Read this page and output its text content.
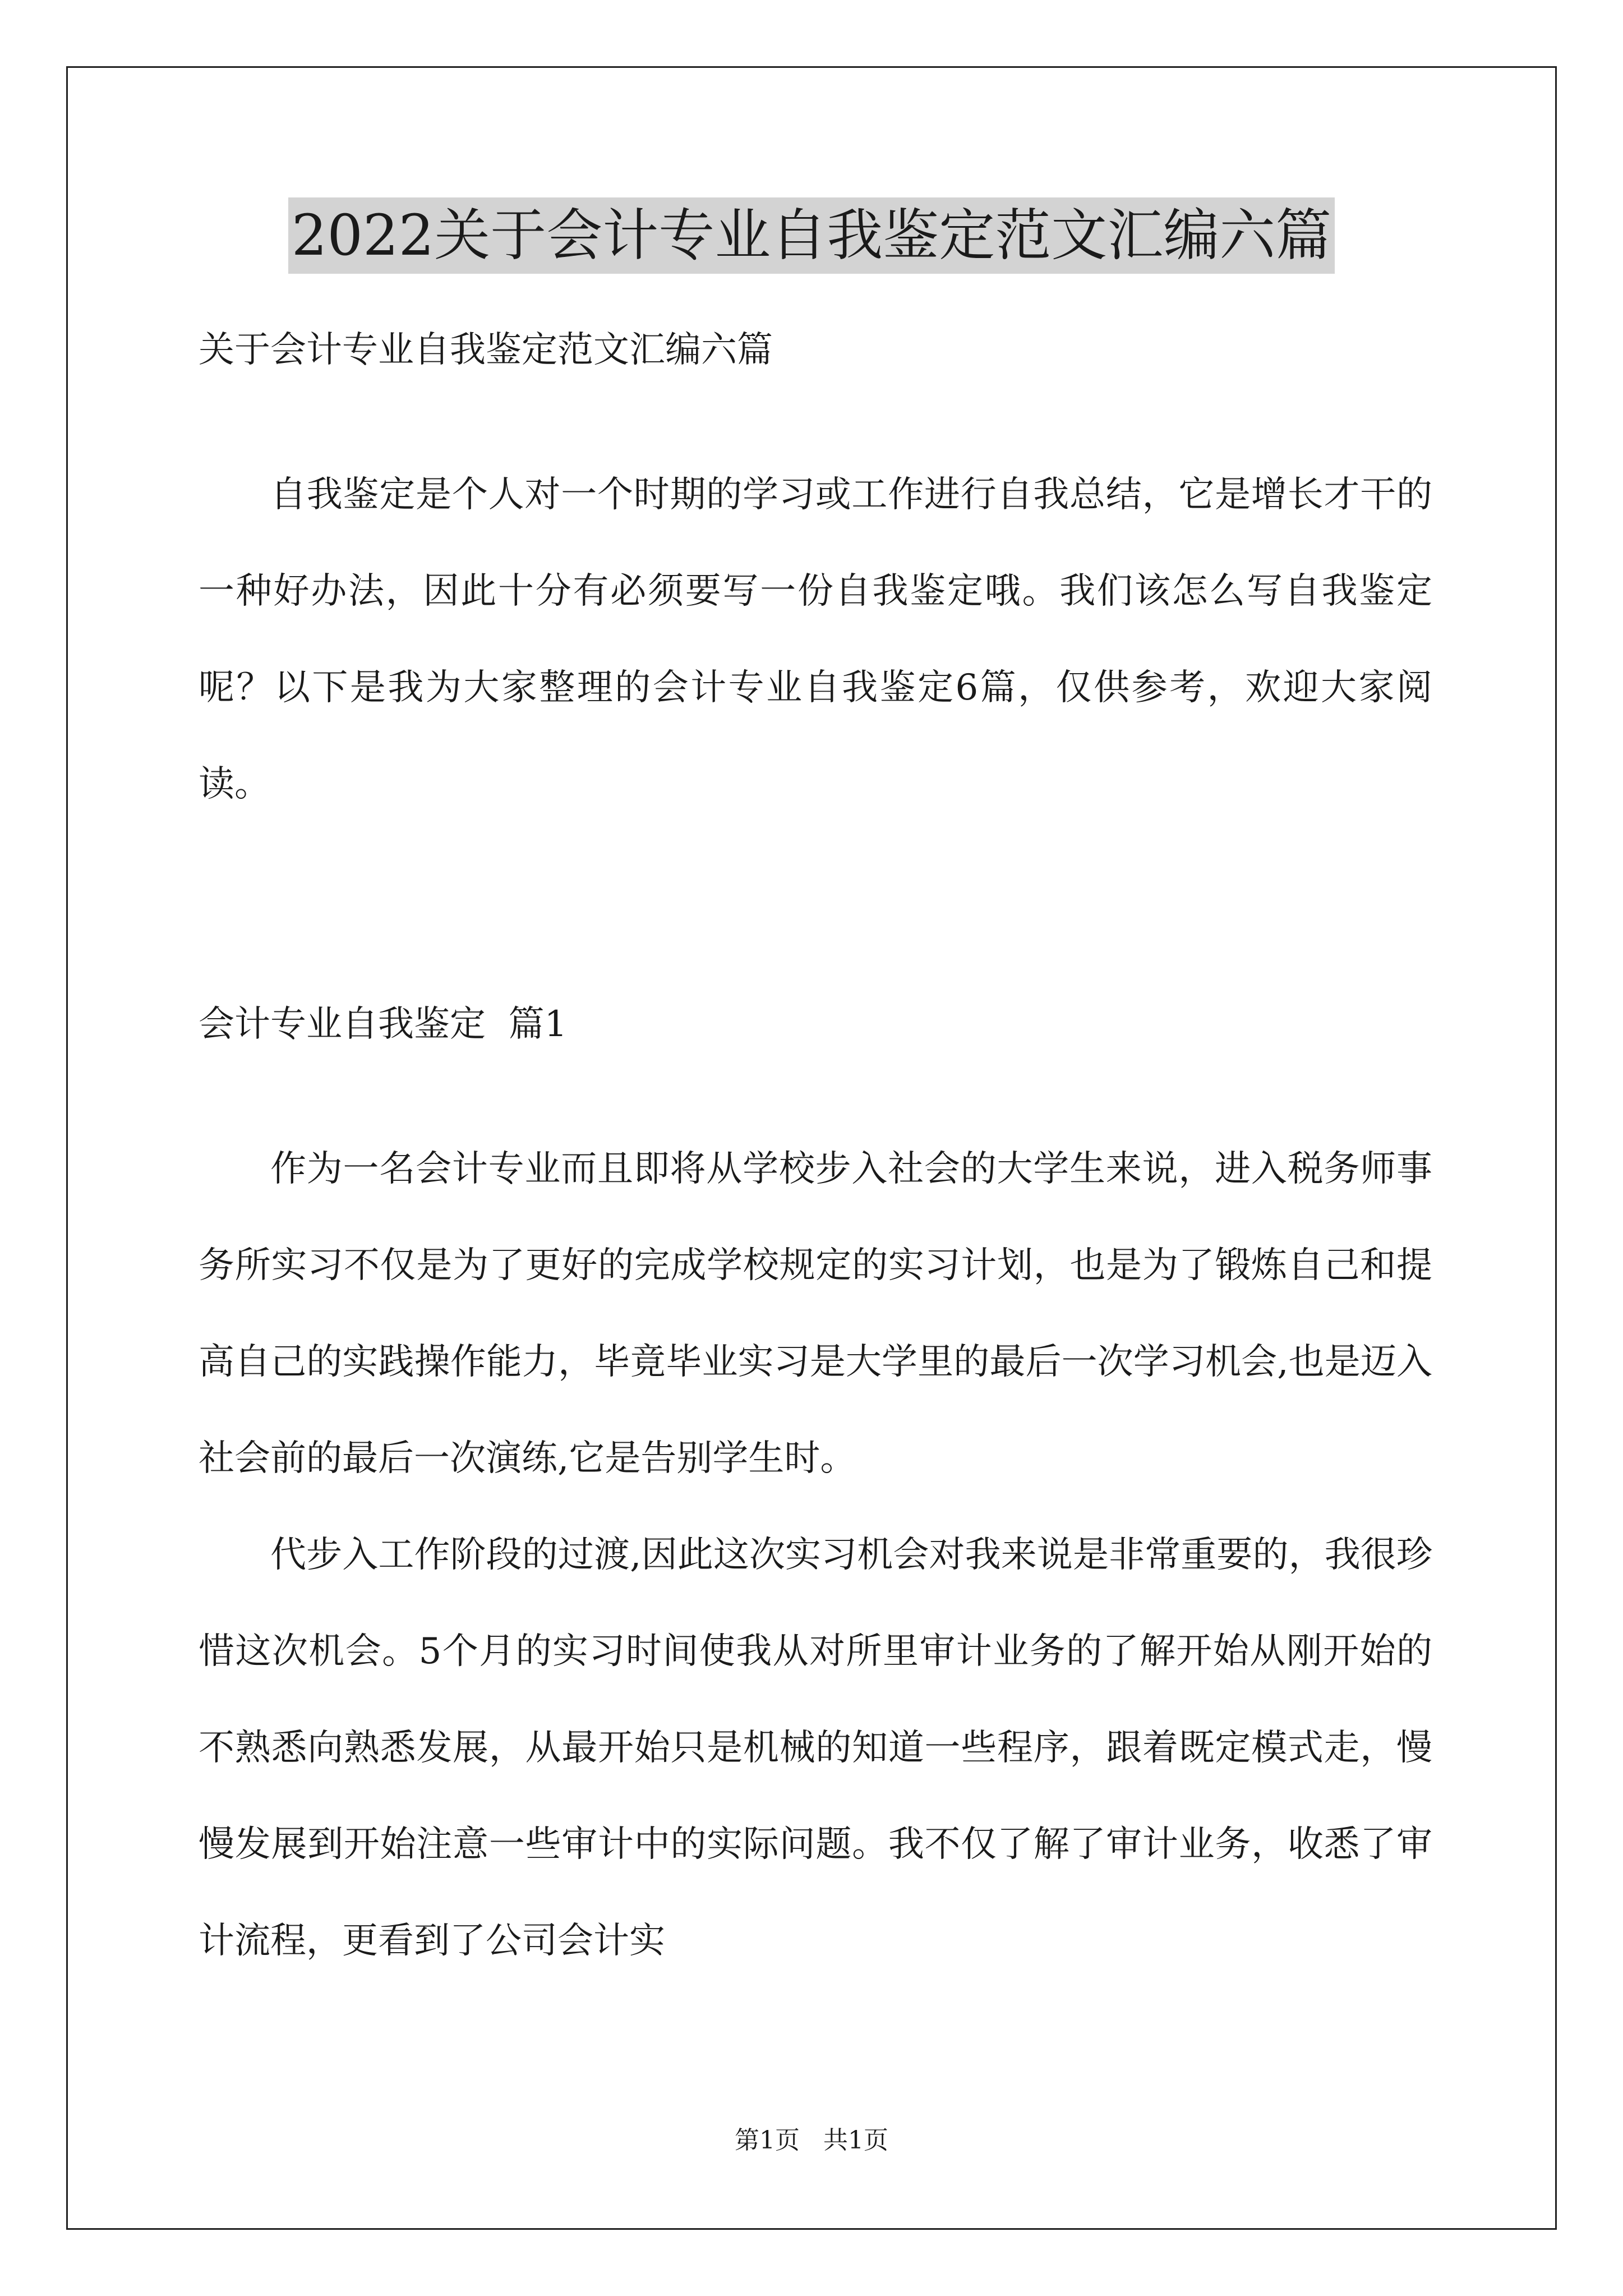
2022关于会计专业自我鉴定范文汇编六篇

关于会计专业自我鉴定范文汇编六篇

自我鉴定是个人对一个时期的学习或工作进行自我总结，它是增长才干的一种好办法，因此十分有必须要写一份自我鉴定哦。我们该怎么写自我鉴定呢？以下是我为大家整理的会计专业自我鉴定6篇，仅供参考，欢迎大家阅读。

会计专业自我鉴定  篇1

作为一名会计专业而且即将从学校步入社会的大学生来说，进入税务师事务所实习不仅是为了更好的完成学校规定的实习计划，也是为了锻炼自己和提高自己的实践操作能力，毕竟毕业实习是大学里的最后一次学习机会,也是迈入社会前的最后一次演练,它是告别学生时。

代步入工作阶段的过渡,因此这次实习机会对我来说是非常重要的，我很珍惜这次机会。5个月的实习时间使我从对所里审计业务的了解开始从刚开始的不熟悉向熟悉发展，从最开始只是机械的知道一些程序，跟着既定模式走，慢慢发展到开始注意一些审计中的实际问题。我不仅了解了审计业务，收悉了审计流程，更看到了公司会计实

第1页   共1页
